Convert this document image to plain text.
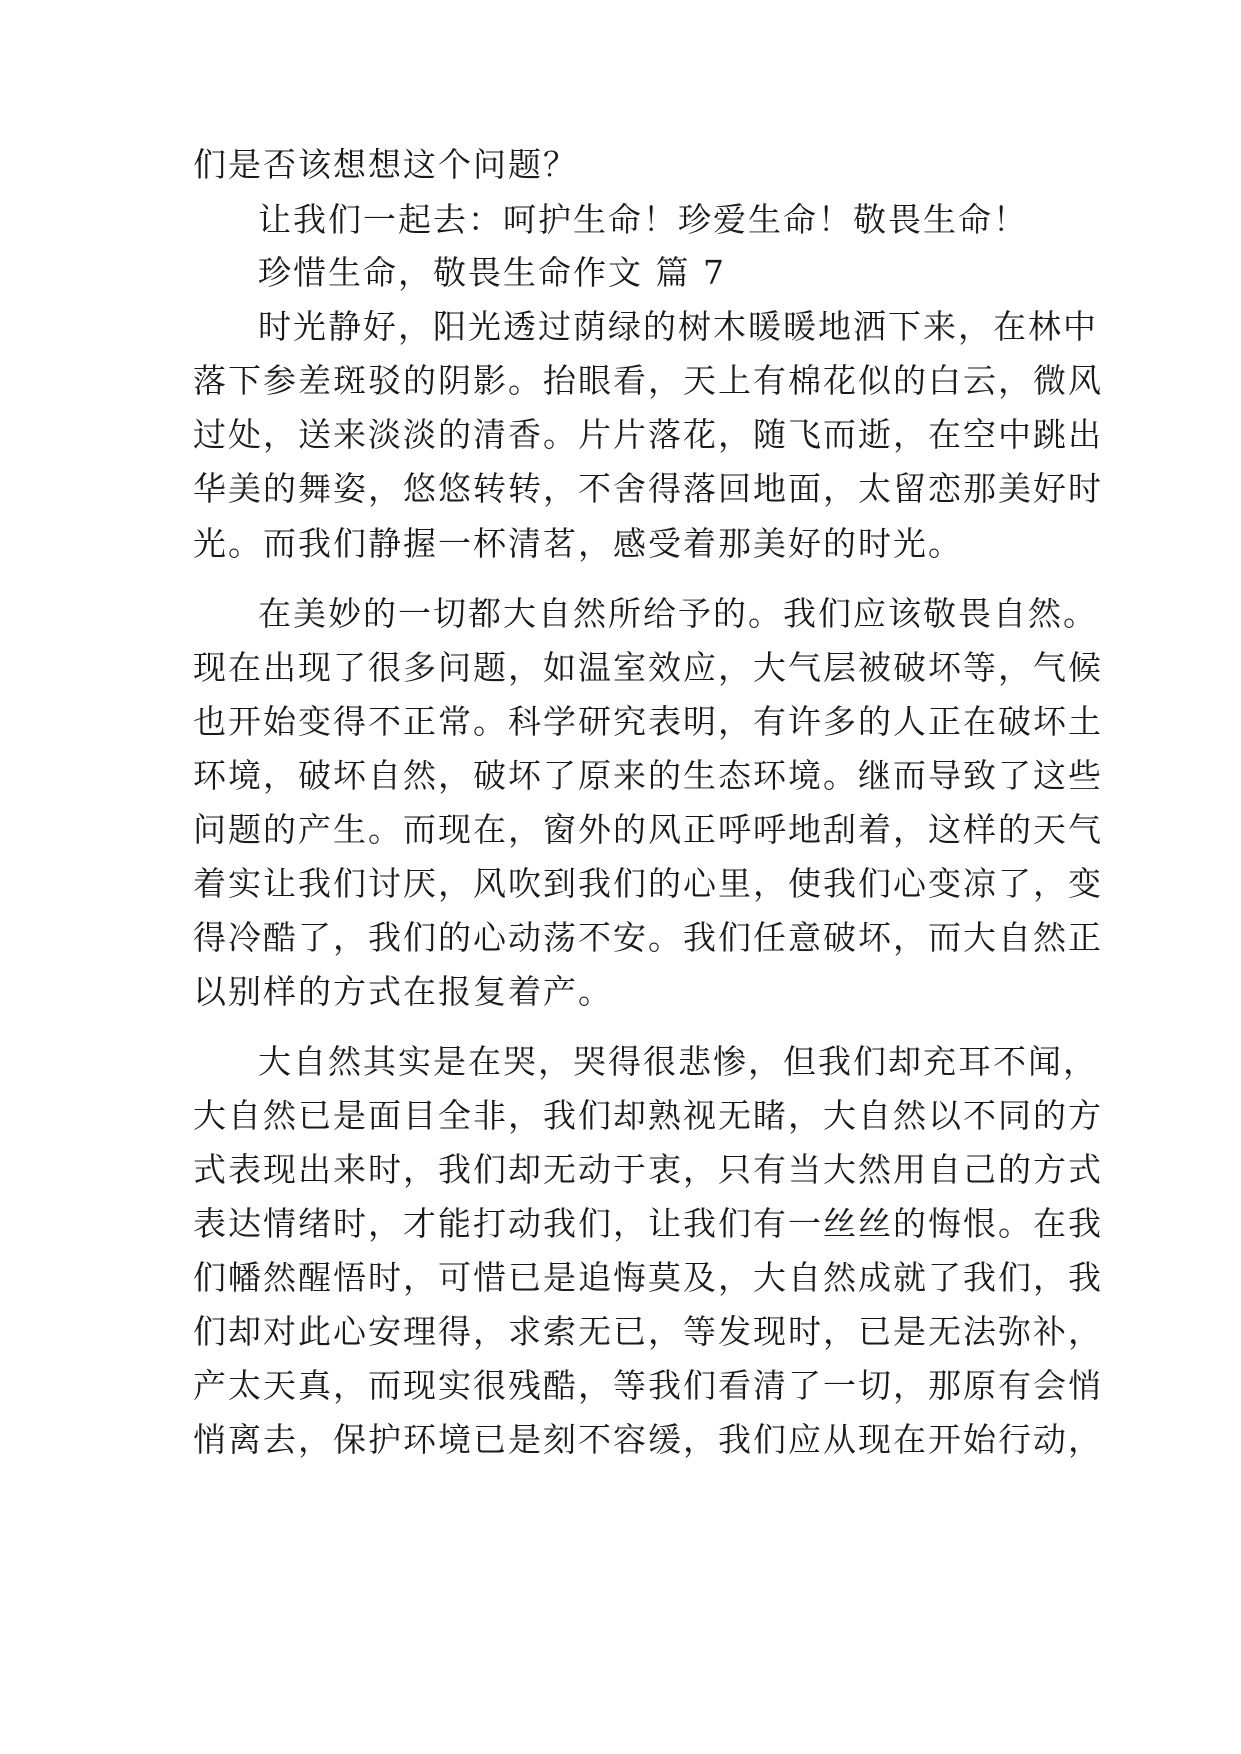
们是否该想想这个问题？

让我们一起去：呵护生命！珍爱生命！敬畏生命！

珍惜生命，敬畏生命作文 篇 7

时光静好，阳光透过荫绿的树木暖暖地洒下来，在林中

落下参差斑驳的阴影。抬眼看，天上有棉花似的白云，微风

过处，送来淡淡的清香。片片落花，随飞而逝，在空中跳出

华美的舞姿，悠悠转转，不舍得落回地面，太留恋那美好时

光。而我们静握一杯清茗，感受着那美好的时光。

在美妙的一切都大自然所给予的。我们应该敬畏自然。

现在出现了很多问题，如温室效应，大气层被破坏等，气候

也开始变得不正常。科学研究表明，有许多的人正在破坏土

环境，破坏自然，破坏了原来的生态环境。继而导致了这些

问题的产生。而现在，窗外的风正呼呼地刮着，这样的天气

着实让我们讨厌，风吹到我们的心里，使我们心变凉了，变

得冷酷了，我们的心动荡不安。我们任意破坏，而大自然正

以别样的方式在报复着产。

大自然其实是在哭，哭得很悲惨，但我们却充耳不闻，

大自然已是面目全非，我们却熟视无睹，大自然以不同的方

式表现出来时，我们却无动于衷，只有当大然用自己的方式

表达情绪时，才能打动我们，让我们有一丝丝的悔恨。在我

们幡然醒悟时，可惜已是追悔莫及，大自然成就了我们，我

们却对此心安理得，求索无已，等发现时，已是无法弥补，

产太天真，而现实很残酷，等我们看清了一切，那原有会悄

悄离去，保护环境已是刻不容缓，我们应从现在开始行动，
